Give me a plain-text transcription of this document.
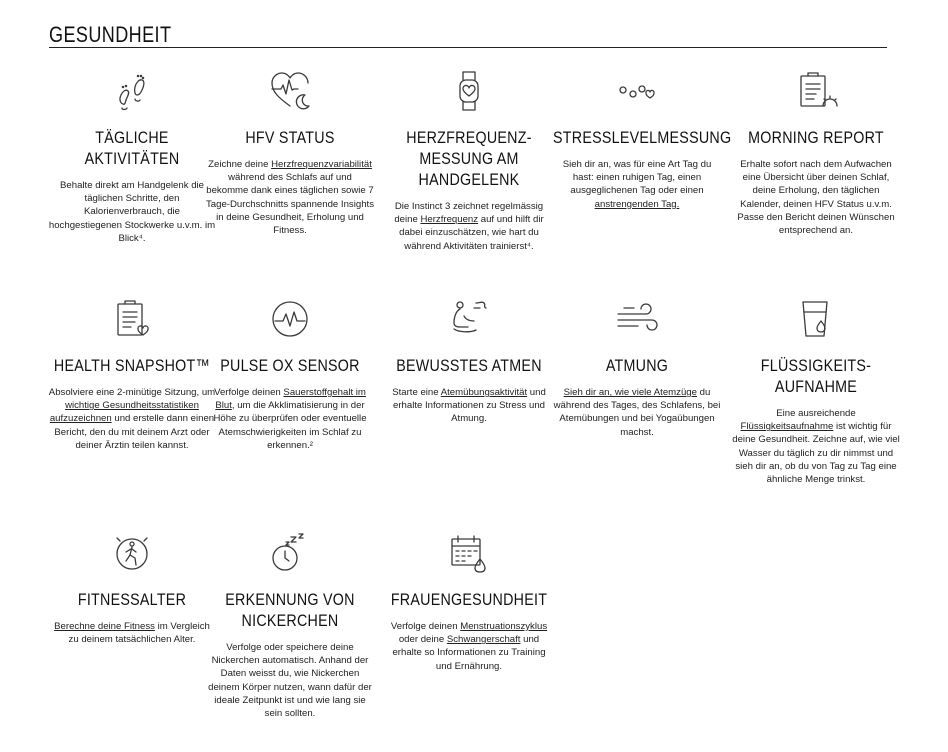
GESUNDHEIT
TÄGLICHE AKTIVITÄTEN
Behalte direkt am Handgelenk die täglichen Schritte, den Kalorienverbrauch, die hochgestiegenen Stockwerke u.v.m. im Blick⁴.
HFV STATUS
Zeichne deine Herzfrequenzvariabilität während des Schlafs auf und bekomme dank eines täglichen sowie 7 Tage-Durchschnitts spannende Insights in deine Gesundheit, Erholung und Fitness.
HERZFREQUENZ-
MESSUNG AM
HANDGELENK
Die Instinct 3 zeichnet regelmässig deine Herzfrequenz auf und hilft dir dabei einzuschätzen, wie hart du während Aktivitäten trainierst⁴.
STRESSLEVELMESSUNG
Sieh dir an, was für eine Art Tag du hast: einen ruhigen Tag, einen ausgeglichenen Tag oder einen anstrengenden Tag.
MORNING REPORT
Erhalte sofort nach dem Aufwachen eine Übersicht über deinen Schlaf, deine Erholung, den täglichen Kalender, deinen HFV Status u.v.m. Passe den Bericht deinen Wünschen entsprechend an.
HEALTH SNAPSHOT™
Absolviere eine 2-minütige Sitzung, um wichtige Gesundheitsstatistiken aufzuzeichnen und erstelle dann einen Bericht, den du mit deinem Arzt oder deiner Ärztin teilen kannst.
PULSE OX SENSOR
Verfolge deinen Sauerstoffgehalt im Blut, um die Akklimatisierung in der Höhe zu überprüfen oder eventuelle Atemschwierigkeiten im Schlaf zu erkennen.²
BEWUSSTES ATMEN
Starte eine Atemübungsaktivität und erhalte Informationen zu Stress und Atmung.
ATMUNG
Sieh dir an, wie viele Atemzüge du während des Tages, des Schlafens, bei Atemübungen und bei Yogaübungen machst.
FLÜSSIGKEITS-
AUFNAHME
Eine ausreichende Flüssigkeitsaufnahme ist wichtig für deine Gesundheit. Zeichne auf, wie viel Wasser du täglich zu dir nimmst und sieh dir an, ob du von Tag zu Tag eine ähnliche Menge trinkst.
FITNESSALTER
Berechne deine Fitness im Vergleich zu deinem tatsächlichen Alter.
ERKENNUNG VON
NICKERCHEN
Verfolge oder speichere deine Nickerchen automatisch. Anhand der Daten weisst du, wie Nickerchen deinem Körper nutzen, wann dafür der ideale Zeitpunkt ist und wie lang sie sein sollten.
FRAUENGESUNDHEIT
Verfolge deinen Menstruationszyklus oder deine Schwangerschaft und erhalte so Informationen zu Training und Ernährung.
